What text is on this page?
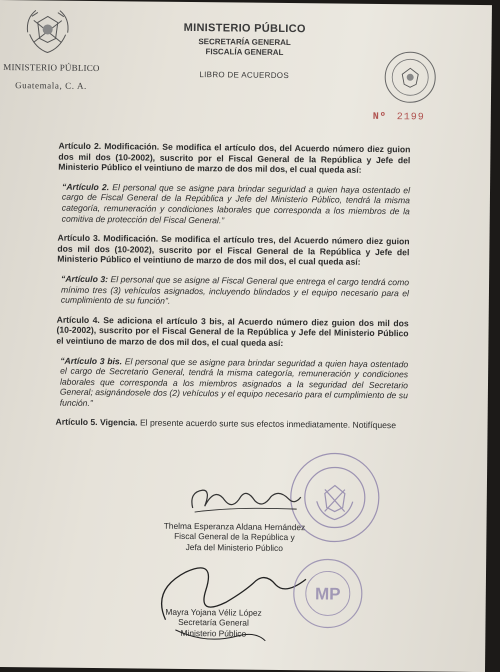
MINISTERIO PÚBLICO
Guatemala, C. A.
MINISTERIO PÚBLICO
SECRETARÍA GENERAL
FISCALÍA GENERAL
LIBRO DE ACUERDOS
Nº 2199

Artículo 2. Modificación. Se modifica el artículo dos, del Acuerdo número diez guion dos mil dos (10-2002), suscrito por el Fiscal General de la República y Jefe del Ministerio Público el veintiuno de marzo de dos mil dos, el cual queda así:

“Artículo 2. El personal que se asigne para brindar seguridad a quien haya ostentado el cargo de Fiscal General de la República y Jefe del Ministerio Público, tendrá la misma categoría, remuneración y condiciones laborales que corresponda a los miembros de la comitiva de protección del Fiscal General.”

Artículo 3. Modificación. Se modifica el artículo tres, del Acuerdo número diez guion dos mil dos (10-2002), suscrito por el Fiscal General de la República y Jefe del Ministerio Público el veintiuno de marzo de dos mil dos, el cual queda así:

“Artículo 3: El personal que se asigne al Fiscal General que entrega el cargo tendrá como mínimo tres (3) vehículos asignados, incluyendo blindados y el equipo necesario para el cumplimiento de su función”.

Artículo 4. Se adiciona el artículo 3 bis, al Acuerdo número diez guion dos mil dos (10-2002), suscrito por el Fiscal General de la República y Jefe del Ministerio Público el veintiuno de marzo de dos mil dos, el cual queda así:

“Artículo 3 bis. El personal que se asigne para brindar seguridad a quien haya ostentado el cargo de Secretario General, tendrá la misma categoría, remuneración y condiciones laborales que corresponda a los miembros asignados a la seguridad del Secretario General; asignándosele dos (2) vehículos y el equipo necesario para el cumplimiento de su función.”

Artículo 5. Vigencia. El presente acuerdo surte sus efectos inmediatamente. Notifíquese

Thelma Esperanza Aldana Hernández
Fiscal General de la República y
Jefa del Ministerio Público
MP
Mayra Yojana Véliz López
Secretaría General
Ministerio Público
